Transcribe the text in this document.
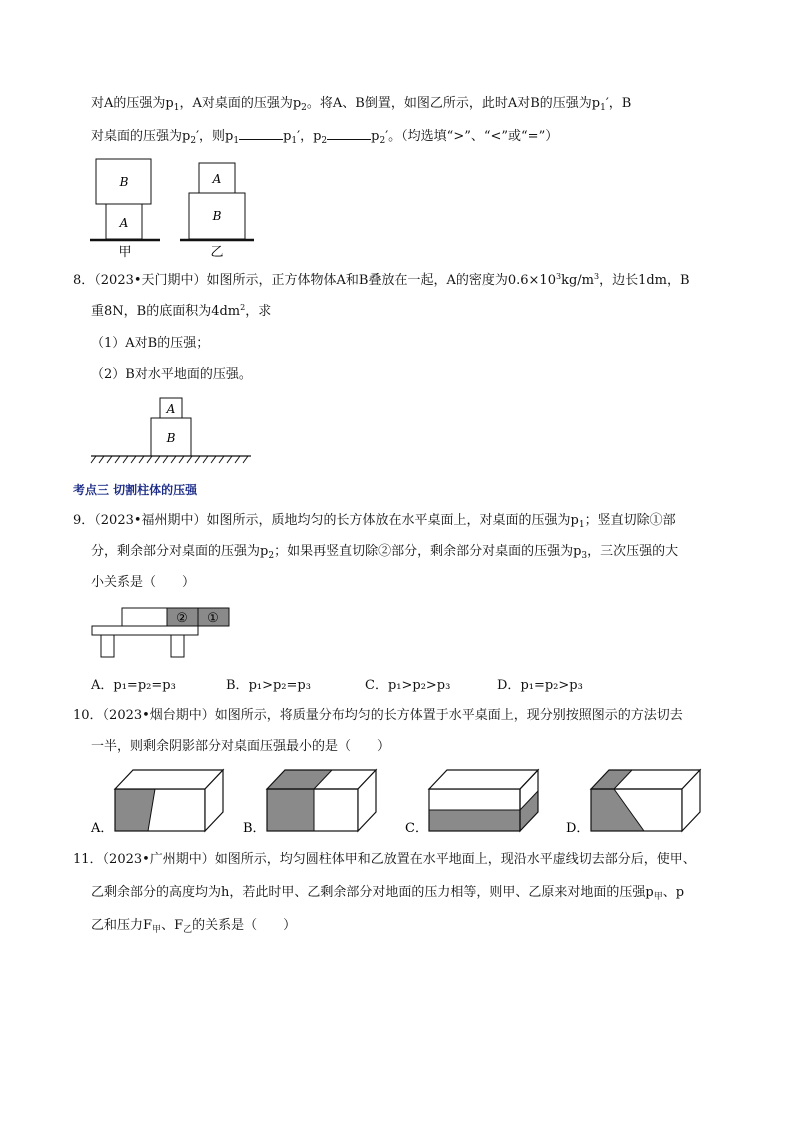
对A的压强为$p_1$，A对桌面的压强为$p_2$。将A、B倒置，如图乙所示，此时A对B的压强为$p_1'$，B
对桌面的压强为$p_2'$，则$p_1$	$p_1'$，$p_2$	$p_2'$。（均选填“>”、“<”或“=”）
B
A
甲
A
B
乙
8．（2023•天门期中）如图所示，正方体物体A和B叠放在一起，A的密度为$0.6\times 10^3kg/m^3$，边长1dm，B
重8N，B的底面积为$4dm^2$，求
（1）A对B的压强；
（2）B对水平地面的压强。
A
B
考点三 切割柱体的压强
9．（2023•福州期中）如图所示，质地均匀的长方体放在水平桌面上，对桌面的压强为$p_1$；竖直切除①部
分，剩余部分对桌面的压强为$p_2$；如果再竖直切除②部分，剩余部分对桌面的压强为$p_3$，三次压强的大
小关系是（　　）
② ①
A．p₁=p₂=p₃	B．p₁>p₂=p₃	C．p₁>p₂>p₃	D．p₁=p₂>p₃
10．（2023•烟台期中）如图所示，将质量分布均匀的长方体置于水平桌面上，现分别按照图示的方法切去
一半，则剩余阴影部分对桌面压强最小的是（　　）
A．	B．	C．	D．
11．（2023•广州期中）如图所示，均匀圆柱体甲和乙放置在水平地面上，现沿水平虚线切去部分后，使甲、
乙剩余部分的高度均为h，若此时甲、乙剩余部分对地面的压力相等，则甲、乙原来对地面的压强$p_甲$、p
乙和压力$F_甲$、$F_乙$的关系是（　　）
